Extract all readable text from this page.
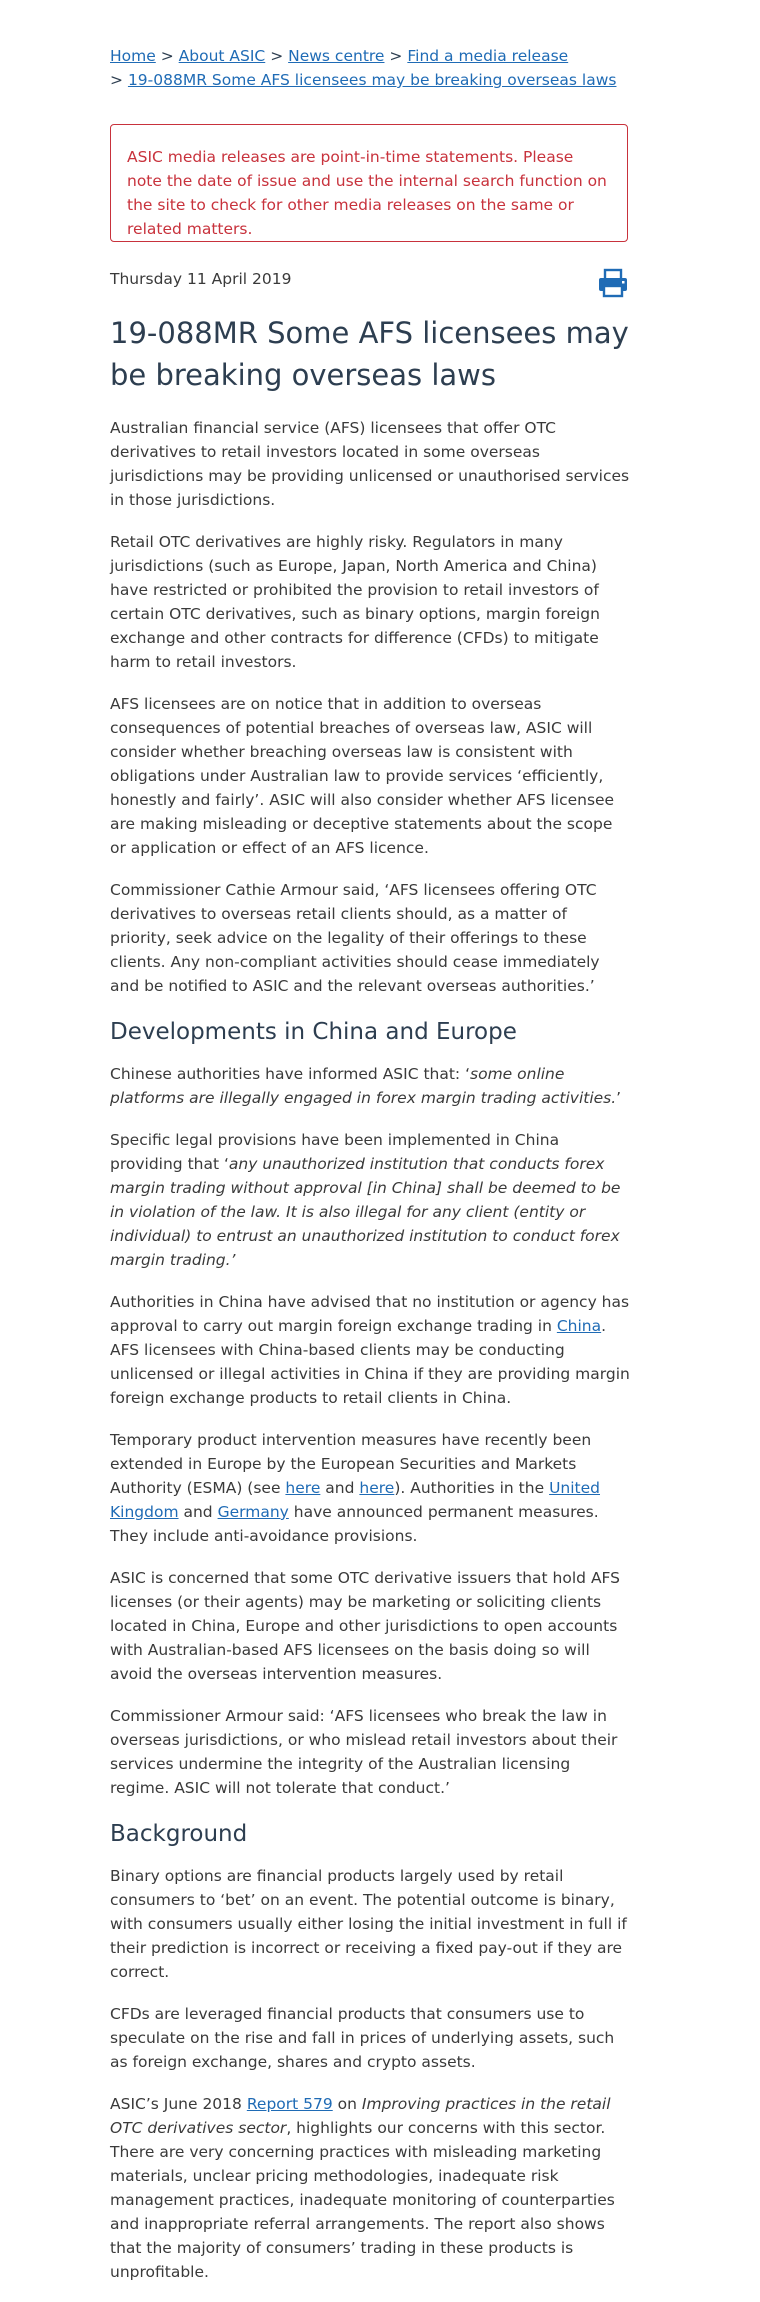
Home > About ASIC > News centre > Find a media release
> 19-088MR Some AFS licensees may be breaking overseas laws
ASIC media releases are point-in-time statements. Please note the date of issue and use the internal search function on the site to check for other media releases on the same or related matters.
Thursday 11 April 2019
19-088MR Some AFS licensees may be breaking overseas laws

Australian financial service (AFS) licensees that offer OTC derivatives to retail investors located in some overseas jurisdictions may be providing unlicensed or unauthorised services in those jurisdictions.

Retail OTC derivatives are highly risky. Regulators in many jurisdictions (such as Europe, Japan, North America and China) have restricted or prohibited the provision to retail investors of certain OTC derivatives, such as binary options, margin foreign exchange and other contracts for difference (CFDs) to mitigate harm to retail investors.

AFS licensees are on notice that in addition to overseas consequences of potential breaches of overseas law, ASIC will consider whether breaching overseas law is consistent with obligations under Australian law to provide services ‘efficiently, honestly and fairly’. ASIC will also consider whether AFS licensee are making misleading or deceptive statements about the scope or application or effect of an AFS licence.

Commissioner Cathie Armour said, ‘AFS licensees offering OTC derivatives to overseas retail clients should, as a matter of priority, seek advice on the legality of their offerings to these clients. Any non-compliant activities should cease immediately and be notified to ASIC and the relevant overseas authorities.’

Developments in China and Europe

Chinese authorities have informed ASIC that: ‘some online platforms are illegally engaged in forex margin trading activities.’

Specific legal provisions have been implemented in China providing that ‘any unauthorized institution that conducts forex margin trading without approval [in China] shall be deemed to be in violation of the law. It is also illegal for any client (entity or individual) to entrust an unauthorized institution to conduct forex margin trading.’

Authorities in China have advised that no institution or agency has approval to carry out margin foreign exchange trading in China. AFS licensees with China-based clients may be conducting unlicensed or illegal activities in China if they are providing margin foreign exchange products to retail clients in China.

Temporary product intervention measures have recently been extended in Europe by the European Securities and Markets Authority (ESMA) (see here and here). Authorities in the United Kingdom and Germany have announced permanent measures. They include anti-avoidance provisions.

ASIC is concerned that some OTC derivative issuers that hold AFS licenses (or their agents) may be marketing or soliciting clients located in China, Europe and other jurisdictions to open accounts with Australian-based AFS licensees on the basis doing so will avoid the overseas intervention measures.

Commissioner Armour said: ‘AFS licensees who break the law in overseas jurisdictions, or who mislead retail investors about their services undermine the integrity of the Australian licensing regime. ASIC will not tolerate that conduct.’

Background

Binary options are financial products largely used by retail consumers to ‘bet’ on an event. The potential outcome is binary, with consumers usually either losing the initial investment in full if their prediction is incorrect or receiving a fixed pay-out if they are correct.

CFDs are leveraged financial products that consumers use to speculate on the rise and fall in prices of underlying assets, such as foreign exchange, shares and crypto assets.

ASIC’s June 2018 Report 579 on Improving practices in the retail OTC derivatives sector, highlights our concerns with this sector. There are very concerning practices with misleading marketing materials, unclear pricing methodologies, inadequate risk management practices, inadequate monitoring of counterparties and inappropriate referral arrangements. The report also shows that the majority of consumers’ trading in these products is unprofitable.
